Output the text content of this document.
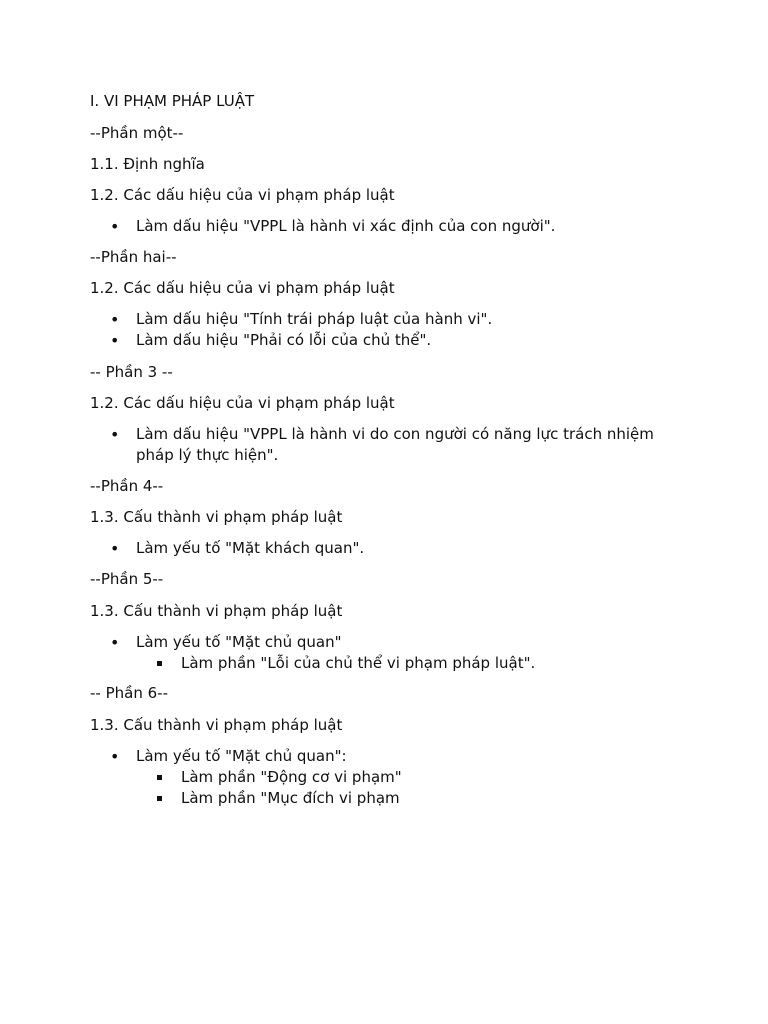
I. VI PHẠM PHÁP LUẬT
--Phần một--
1.1. Định nghĩa
1.2. Các dấu hiệu của vi phạm pháp luật
• Làm dấu hiệu "VPPL là hành vi xác định của con người".
--Phần hai--
1.2. Các dấu hiệu của vi phạm pháp luật
• Làm dấu hiệu "Tính trái pháp luật của hành vi".
• Làm dấu hiệu "Phải có lỗi của chủ thể".
-- Phần 3 --
1.2. Các dấu hiệu của vi phạm pháp luật
• Làm dấu hiệu "VPPL là hành vi do con người có năng lực trách nhiệm pháp lý thực hiện".
--Phần 4--
1.3. Cấu thành vi phạm pháp luật
• Làm yếu tố "Mặt khách quan".
--Phần 5--
1.3. Cấu thành vi phạm pháp luật
• Làm yếu tố "Mặt chủ quan"
Làm phần "Lỗi của chủ thể vi phạm pháp luật".
-- Phần 6--
1.3. Cấu thành vi phạm pháp luật
• Làm yếu tố "Mặt chủ quan":
Làm phần "Động cơ vi phạm"
Làm phần "Mục đích vi phạm
